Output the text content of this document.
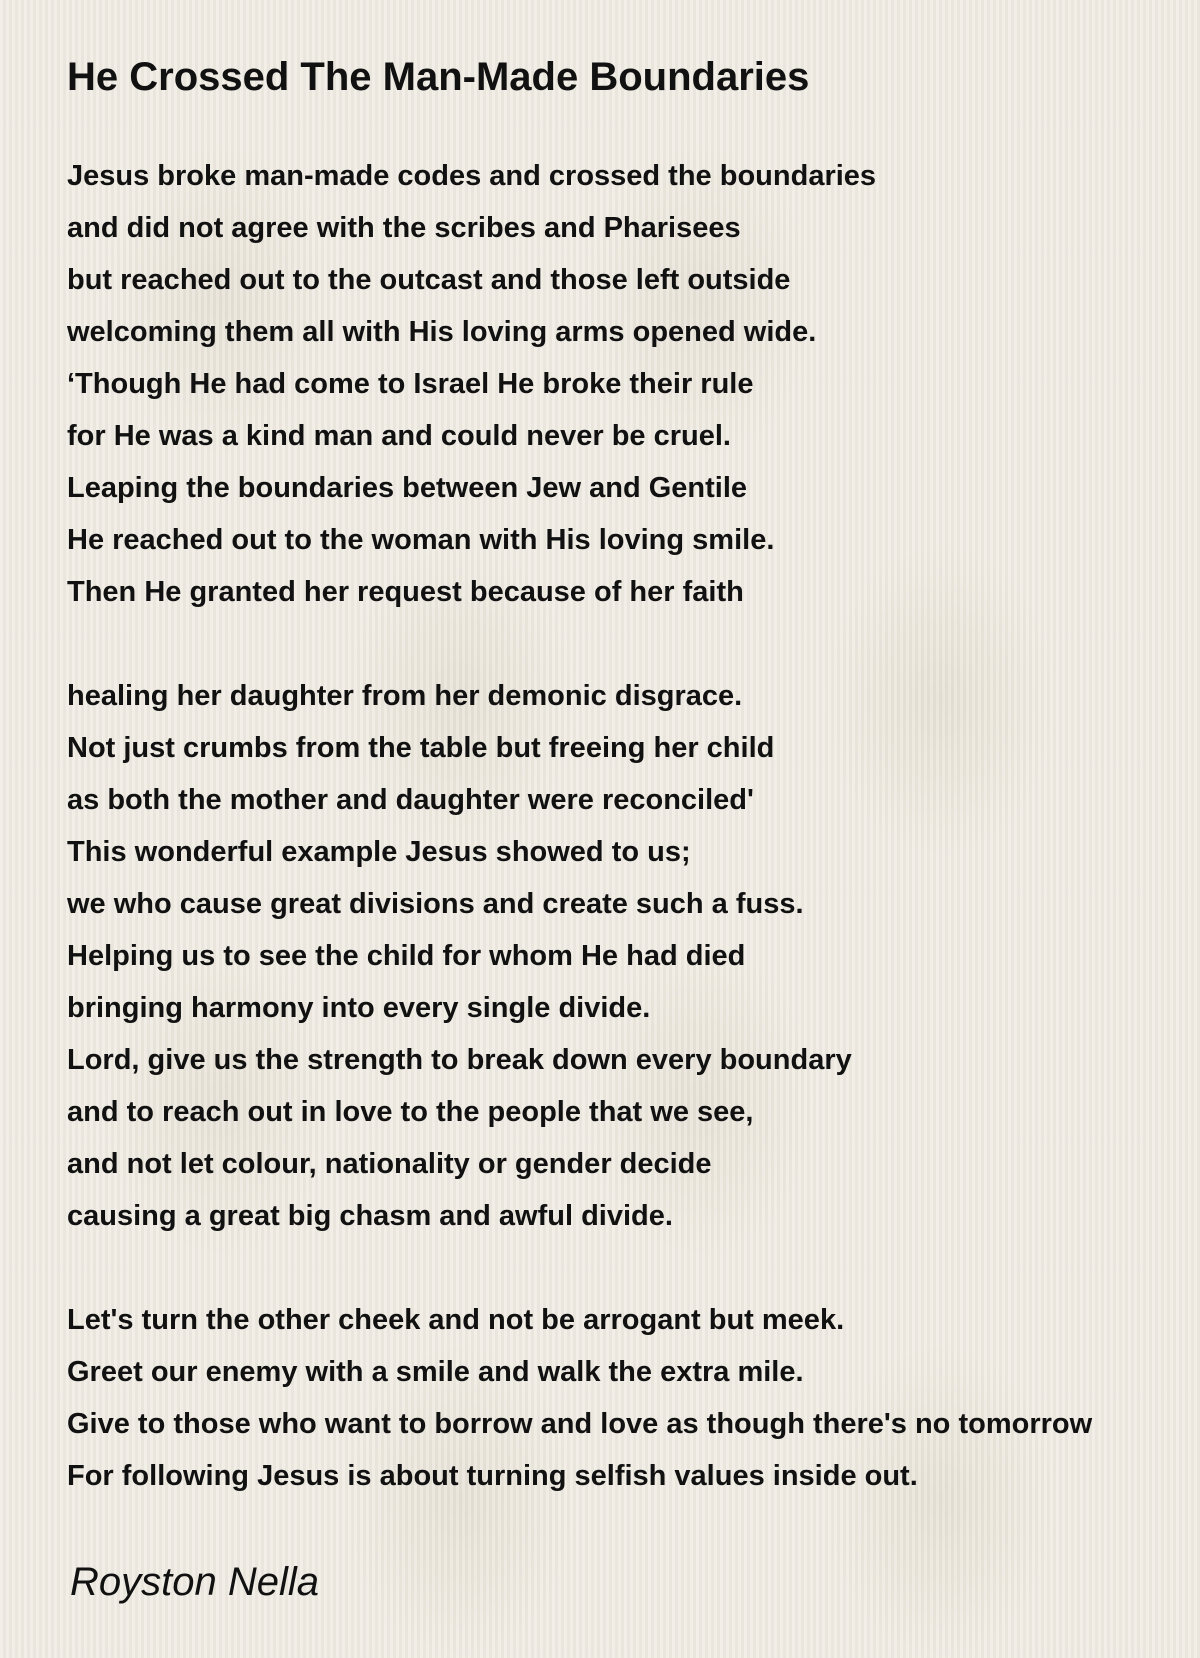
He Crossed The Man-Made Boundaries
Jesus broke man-made codes and crossed the boundaries
and did not agree with the scribes and Pharisees
but reached out to the outcast and those left outside
welcoming them all with His loving arms opened wide.
‘Though He had come to Israel He broke their rule
for He was a kind man and could never be cruel.
Leaping the boundaries between Jew and Gentile
He reached out to the woman with His loving smile.
Then He granted her request because of her faith
healing her daughter from her demonic disgrace.
Not just crumbs from the table but freeing her child
as both the mother and daughter were reconciled'
This wonderful example Jesus showed to us;
we who cause great divisions and create such a fuss.
Helping us to see the child for whom He had died
bringing harmony into every single divide.
Lord, give us the strength to break down every boundary
and to reach out in love to the people that we see,
and not let colour, nationality or gender decide
causing a great big chasm and awful divide.
Let's turn the other cheek and not be arrogant but meek.
Greet our enemy with a smile and walk the extra mile.
Give to those who want to borrow and love as though there's no tomorrow
For following Jesus is about turning selfish values inside out.

Royston Nella
